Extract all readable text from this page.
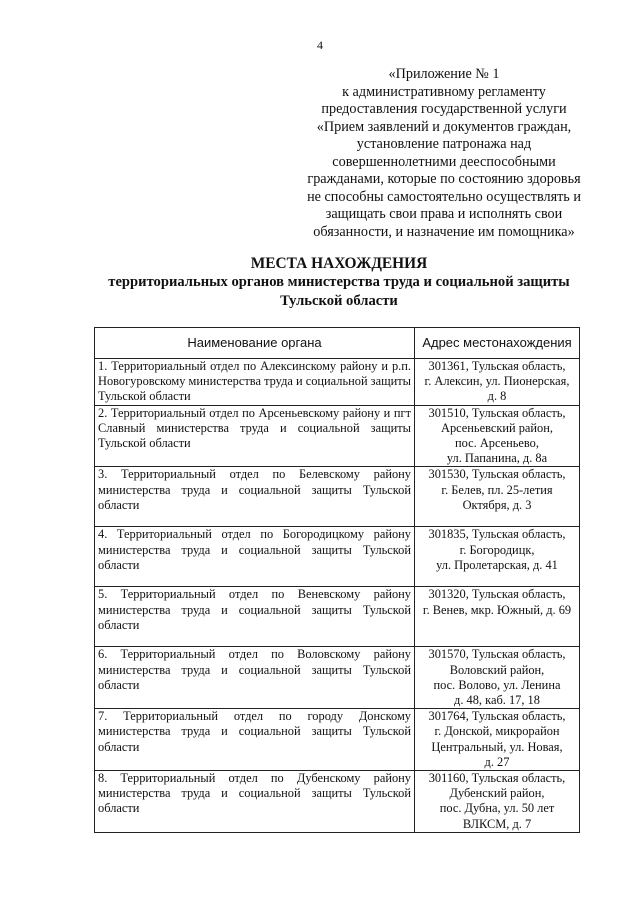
4
«Приложение № 1
к административному регламенту
предоставления государственной услуги
«Прием заявлений и документов граждан,
установление патронажа над
совершеннолетними дееспособными
гражданами, которые по состоянию здоровья
не способны самостоятельно осуществлять и
защищать свои права и исполнять свои
обязанности, и назначение им помощника»
МЕСТА НАХОЖДЕНИЯ
территориальных органов министерства труда и социальной защиты
Тульской области
Наименование органа	Адрес местонахождения
1. Территориальный отдел по Алексинскому району и р.п. Новогуровскому министерства труда и социальной защиты Тульской области	301361, Тульская область,
г. Алексин, ул. Пионерская,
д. 8

2. Территориальный отдел по Арсеньевскому району и пгт Славный министерства труда и социальной защиты Тульской области	301510, Тульская область,
Арсеньевский район,
пос. Арсеньево,
ул. Папанина, д. 8а

3. Территориальный отдел по Белевскому району министерства труда и социальной защиты Тульской области	301530, Тульская область,
г. Белев, пл. 25-летия
Октября, д. 3

4. Территориальный отдел по Богородицкому району министерства труда и социальной защиты Тульской области	301835, Тульская область,
г. Богородицк,
ул. Пролетарская, д. 41

5. Территориальный отдел по Веневскому району министерства труда и социальной защиты Тульской области	301320, Тульская область,
г. Венев, мкр. Южный, д. 69

6. Территориальный отдел по Воловскому району министерства труда и социальной защиты Тульской области	301570, Тульская область,
Воловский район,
пос. Волово, ул. Ленина
д. 48, каб. 17, 18

7. Территориальный отдел по городу Донскому министерства труда и социальной защиты Тульской области	301764, Тульская область,
г. Донской, микрорайон
Центральный, ул. Новая,
д. 27

8. Территориальный отдел по Дубенскому району министерства труда и социальной защиты Тульской области	301160, Тульская область,
Дубенский район,
пос. Дубна, ул. 50 лет
ВЛКСМ, д. 7
